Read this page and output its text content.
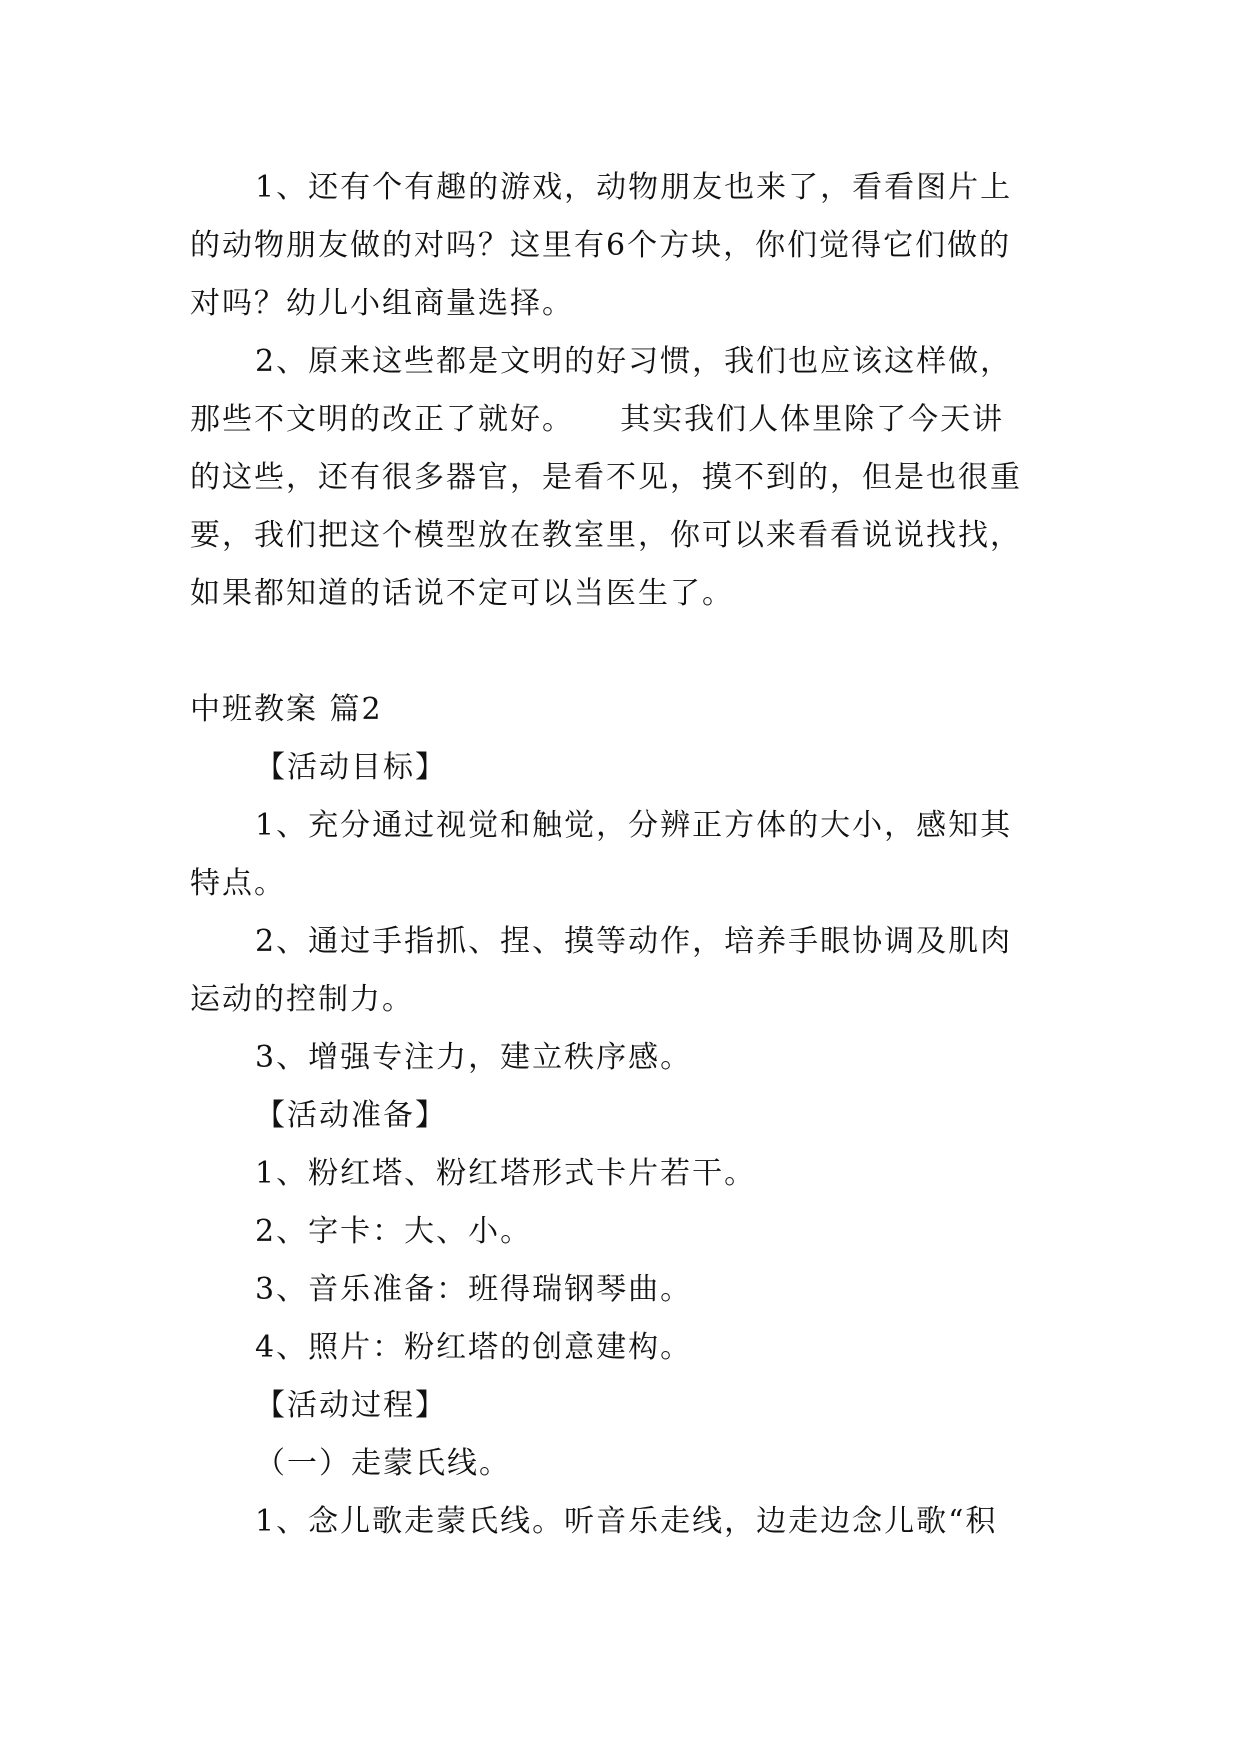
1、还有个有趣的游戏，动物朋友也来了，看看图片上
的动物朋友做的对吗？这里有6个方块，你们觉得它们做的
对吗？幼儿小组商量选择。
2、原来这些都是文明的好习惯，我们也应该这样做，
那些不文明的改正了就好。    其实我们人体里除了今天讲
的这些，还有很多器官，是看不见，摸不到的，但是也很重
要，我们把这个模型放在教室里，你可以来看看说说找找，
如果都知道的话说不定可以当医生了。
中班教案 篇2
【活动目标】
1、充分通过视觉和触觉，分辨正方体的大小，感知其
特点。
2、通过手指抓、捏、摸等动作，培养手眼协调及肌肉
运动的控制力。
3、增强专注力，建立秩序感。
【活动准备】
1、粉红塔、粉红塔形式卡片若干。
2、字卡：大、小。
3、音乐准备：班得瑞钢琴曲。
4、照片：粉红塔的创意建构。
【活动过程】
（一）走蒙氏线。
1、念儿歌走蒙氏线。听音乐走线，边走边念儿歌“积
